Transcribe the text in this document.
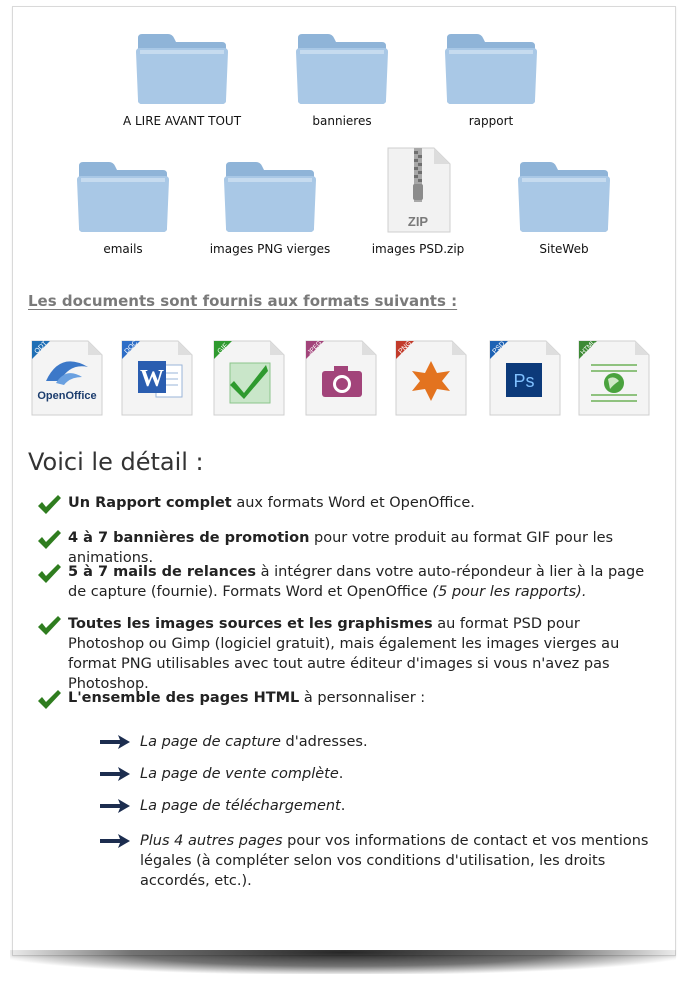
A LIRE AVANT TOUT	bannieres	rapport
emails	images PNG vierges
ZIP
images PSD.zip	SiteWeb
Les documents sont fournis aux formats suivants :
ODT
OpenOffice
DOC
W
GIF	JPEG	PNG	PSD
Ps
HTML
Voici le détail :
Un Rapport complet aux formats Word et OpenOffice.
4 à 7 bannières de promotion pour votre produit au format GIF pour les animations.
5 à 7 mails de relances à intégrer dans votre auto-répondeur à lier à la page de capture (fournie). Formats Word et OpenOffice (5 pour les rapports).
Toutes les images sources et les graphismes au format PSD pour Photoshop ou Gimp (logiciel gratuit), mais également les images vierges au format PNG utilisables avec tout autre éditeur d'images si vous n'avez pas Photoshop.
L'ensemble des pages HTML à personnaliser :
La page de capture d'adresses.
La page de vente complète.
La page de téléchargement.
Plus 4 autres pages pour vos informations de contact et vos mentions légales (à compléter selon vos conditions d'utilisation, les droits accordés, etc.).
